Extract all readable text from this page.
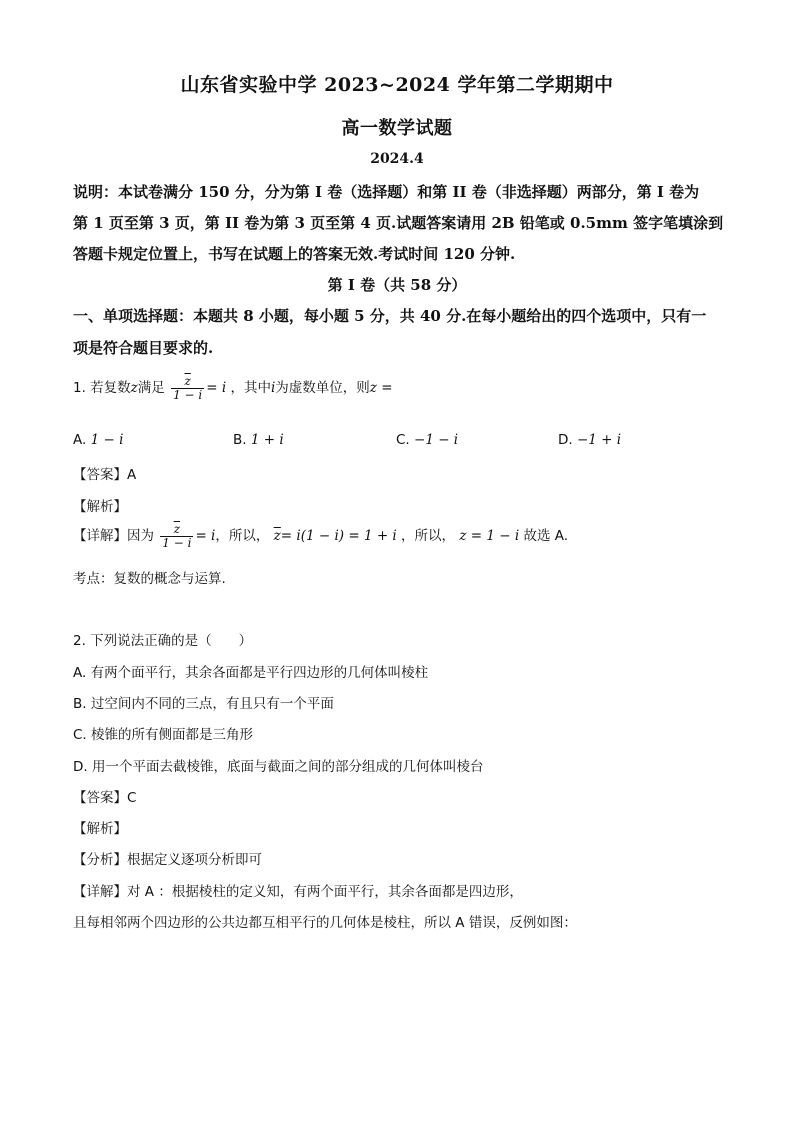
山东省实验中学 2023~2024 学年第二学期期中
高一数学试题
2024.4
说明：本试卷满分 150 分，分为第 I 卷（选择题）和第 II 卷（非选择题）两部分，第 I 卷为
第 1 页至第 3 页，第 II 卷为第 3 页至第 4 页.试题答案请用 2B 铅笔或 0.5mm 签字笔填涂到
答题卡规定位置上，书写在试题上的答案无效.考试时间 120 分钟.
第 I 卷（共 58 分）
一、单项选择题：本题共 8 小题，每小题 5 分，共 40 分.在每小题给出的四个选项中，只有一
项是符合题目要求的.
1. 若复数z满足 $\frac{\overline{z}}{1 - i} = i$ ，其中i为虚数单位，则z =
A. 1 − i	B. 1 + i	C. −1 − i	D. −1 + i
【答案】A
【解析】
【详解】因为 $\frac{\overline{z}}{1 - i} = i$，所以， $\overline{z}= i(1 - i) = 1 + i$ ，所以， z = 1 − i 故选 A.
考点：复数的概念与运算.
2. 下列说法正确的是（　　）
A. 有两个面平行，其余各面都是平行四边形的几何体叫棱柱
B. 过空间内不同的三点，有且只有一个平面
C. 棱锥的所有侧面都是三角形
D. 用一个平面去截棱锥，底面与截面之间的部分组成的几何体叫棱台
【答案】C
【解析】
【分析】根据定义逐项分析即可
【详解】对 A ：根据棱柱的定义知，有两个面平行，其余各面都是四边形，
且每相邻两个四边形的公共边都互相平行的几何体是棱柱，所以 A 错误，反例如图：
